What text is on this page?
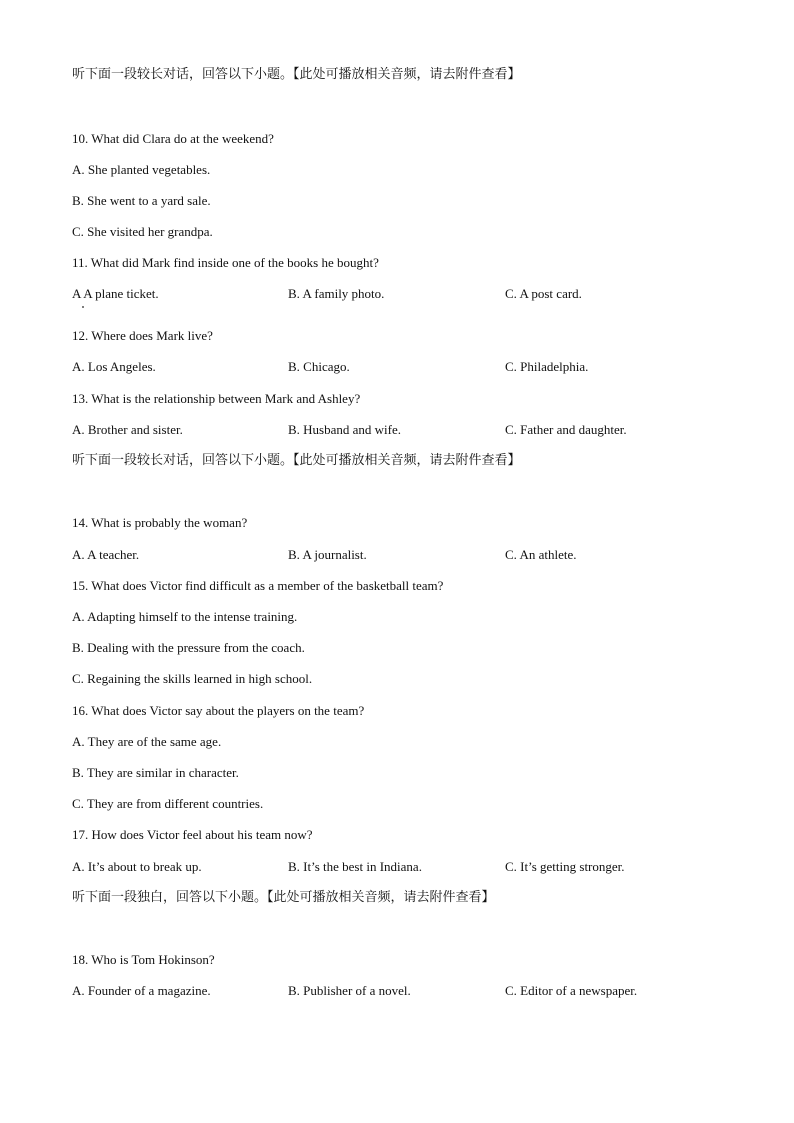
听下面一段较长对话，回答以下小题。【此处可播放相关音频，请去附件查看】
10. What did Clara do at the weekend?
A. She planted vegetables.
B. She went to a yard sale.
C. She visited her grandpa.
11. What did Mark find inside one of the books he bought?
A A plane ticket.	B. A family photo.	C. A post card.
12. Where does Mark live?
A. Los Angeles.	B. Chicago.	C. Philadelphia.
13. What is the relationship between Mark and Ashley?
A. Brother and sister.	B. Husband and wife.	C. Father and daughter.
听下面一段较长对话，回答以下小题。【此处可播放相关音频，请去附件查看】
14. What is probably the woman?
A. A teacher.	B. A journalist.	C. An athlete.
15. What does Victor find difficult as a member of the basketball team?
A. Adapting himself to the intense training.
B. Dealing with the pressure from the coach.
C. Regaining the skills learned in high school.
16. What does Victor say about the players on the team?
A. They are of the same age.
B. They are similar in character.
C. They are from different countries.
17. How does Victor feel about his team now?
A. It’s about to break up.	B. It’s the best in Indiana.	C. It’s getting stronger.
听下面一段独白，回答以下小题。【此处可播放相关音频，请去附件查看】
18. Who is Tom Hokinson?
A. Founder of a magazine.	B. Publisher of a novel.	C. Editor of a newspaper.
